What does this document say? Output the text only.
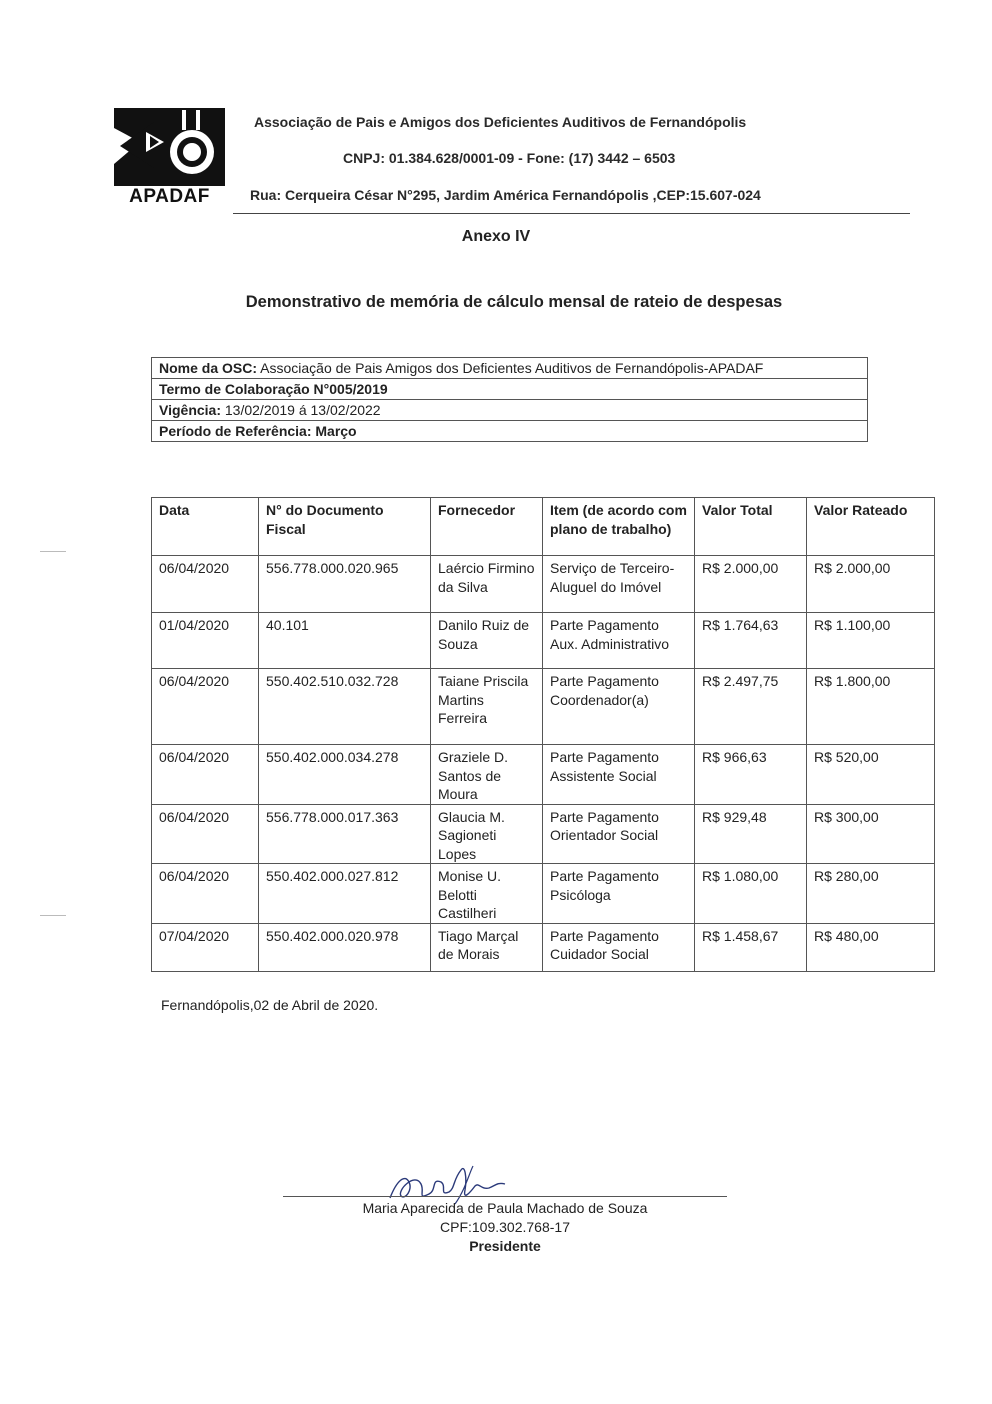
APADAF
Associação de Pais e Amigos dos Deficientes Auditivos de Fernandópolis
CNPJ: 01.384.628/0001-09 - Fone: (17) 3442 – 6503
Rua: Cerqueira César N°295, Jardim América Fernandópolis ,CEP:15.607-024
Anexo IV
Demonstrativo de memória de cálculo mensal de rateio de despesas
Nome da OSC: Associação de Pais Amigos dos Deficientes Auditivos de Fernandópolis-APADAF
Termo de Colaboração N°005/2019
Vigência: 13/02/2019 á 13/02/2022
Período de Referência: Março
Data	N° do Documento Fiscal	Fornecedor	Item (de acordo com plano de trabalho)	Valor Total	Valor Rateado
06/04/2020	556.778.000.020.965	Laércio Firmino da Silva	Serviço de Terceiro- Aluguel do Imóvel	R$ 2.000,00	R$ 2.000,00
01/04/2020	40.101	Danilo Ruiz de Souza	Parte Pagamento Aux. Administrativo	R$ 1.764,63	R$ 1.100,00
06/04/2020	550.402.510.032.728	Taiane Priscila Martins Ferreira	Parte Pagamento Coordenador(a)	R$ 2.497,75	R$ 1.800,00
06/04/2020	550.402.000.034.278	Graziele D. Santos de Moura	Parte Pagamento Assistente Social	R$ 966,63	R$ 520,00
06/04/2020	556.778.000.017.363	Glaucia M. Sagioneti Lopes	Parte Pagamento Orientador Social	R$ 929,48	R$ 300,00
06/04/2020	550.402.000.027.812	Monise U. Belotti Castilheri	Parte Pagamento Psicóloga	R$ 1.080,00	R$ 280,00
07/04/2020	550.402.000.020.978	Tiago Marçal de Morais	Parte Pagamento Cuidador Social	R$ 1.458,67	R$ 480,00
Fernandópolis,02 de Abril de 2020.
Maria Aparecida de Paula Machado de Souza
CPF:109.302.768-17
Presidente
